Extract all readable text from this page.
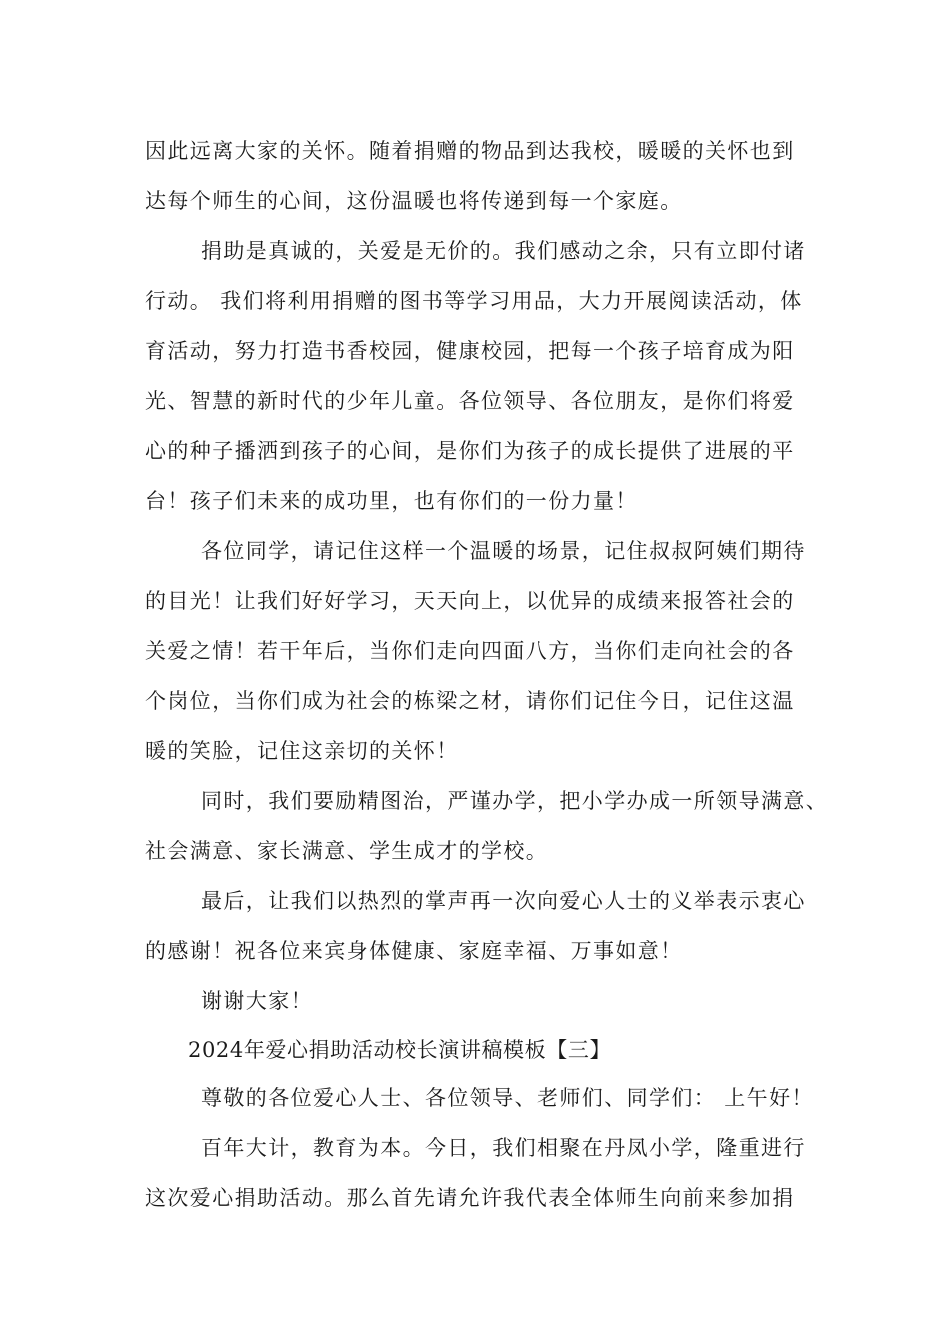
因此远离大家的关怀。随着捐赠的物品到达我校，暖暖的关怀也到
达每个师生的心间，这份温暖也将传递到每一个家庭。
捐助是真诚的，关爱是无价的。我们感动之余，只有立即付诸
行动。 我们将利用捐赠的图书等学习用品，大力开展阅读活动，体
育活动，努力打造书香校园，健康校园，把每一个孩子培育成为阳
光、智慧的新时代的少年儿童。各位领导、各位朋友，是你们将爱
心的种子播洒到孩子的心间，是你们为孩子的成长提供了进展的平
台！孩子们未来的成功里，也有你们的一份力量！
各位同学，请记住这样一个温暖的场景，记住叔叔阿姨们期待
的目光！让我们好好学习，天天向上，以优异的成绩来报答社会的
关爱之情！若干年后，当你们走向四面八方，当你们走向社会的各
个岗位，当你们成为社会的栋梁之材，请你们记住今日，记住这温
暖的笑脸，记住这亲切的关怀！
同时，我们要励精图治，严谨办学，把小学办成一所领导满意、
社会满意、家长满意、学生成才的学校。
最后，让我们以热烈的掌声再一次向爱心人士的义举表示衷心
的感谢！祝各位来宾身体健康、家庭幸福、万事如意！
谢谢大家！
2024年爱心捐助活动校长演讲稿模板【三】
尊敬的各位爱心人士、各位领导、老师们、同学们： 上午好！
百年大计，教育为本。今日，我们相聚在丹凤小学，隆重进行
这次爱心捐助活动。那么首先请允许我代表全体师生向前来参加捐
